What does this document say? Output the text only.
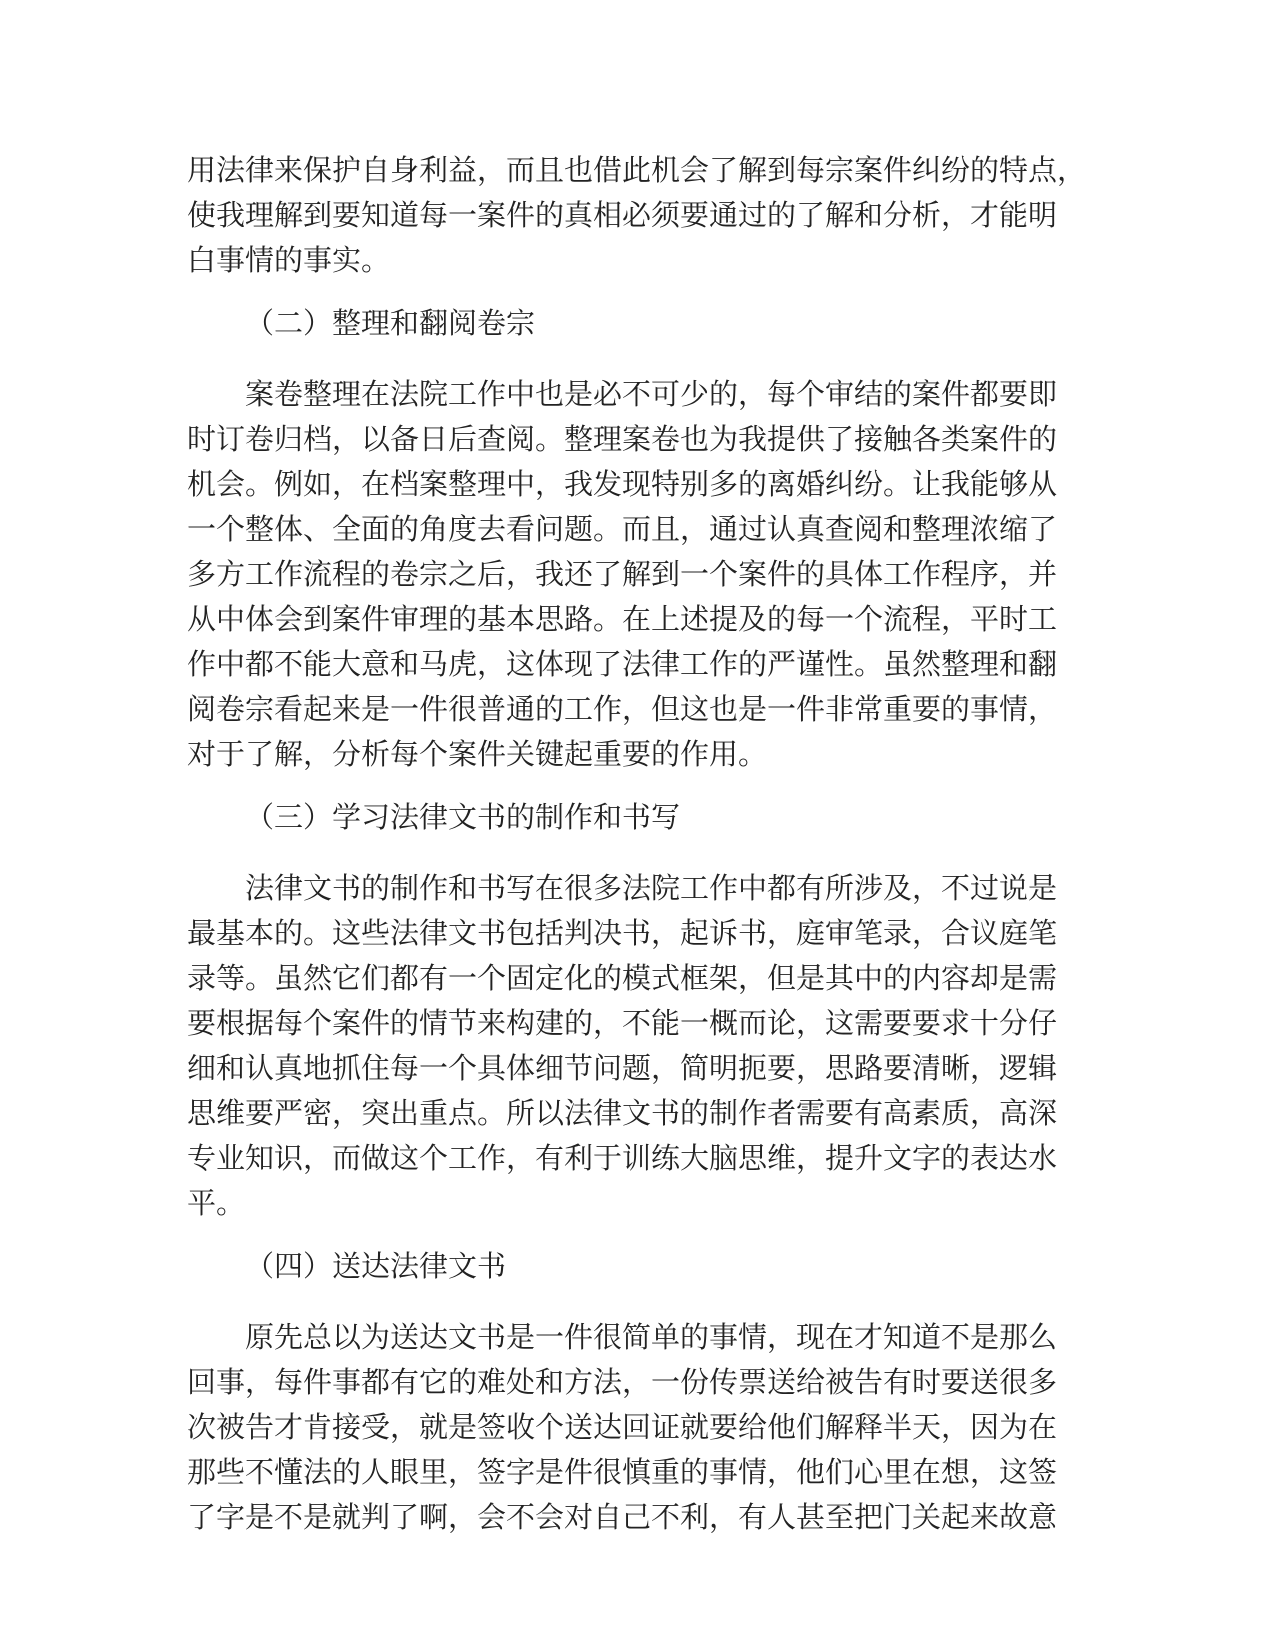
用法律来保护自身利益，而且也借此机会了解到每宗案件纠纷的特点，
使我理解到要知道每一案件的真相必须要通过的了解和分析，才能明
白事情的事实。
（二）整理和翻阅卷宗
案卷整理在法院工作中也是必不可少的，每个审结的案件都要即
时订卷归档，以备日后查阅。整理案卷也为我提供了接触各类案件的
机会。例如，在档案整理中，我发现特别多的离婚纠纷。让我能够从
一个整体、全面的角度去看问题。而且，通过认真查阅和整理浓缩了
多方工作流程的卷宗之后，我还了解到一个案件的具体工作程序，并
从中体会到案件审理的基本思路。在上述提及的每一个流程，平时工
作中都不能大意和马虎，这体现了法律工作的严谨性。虽然整理和翻
阅卷宗看起来是一件很普通的工作，但这也是一件非常重要的事情，
对于了解，分析每个案件关键起重要的作用。
（三）学习法律文书的制作和书写
法律文书的制作和书写在很多法院工作中都有所涉及，不过说是
最基本的。这些法律文书包括判决书，起诉书，庭审笔录，合议庭笔
录等。虽然它们都有一个固定化的模式框架，但是其中的内容却是需
要根据每个案件的情节来构建的，不能一概而论，这需要要求十分仔
细和认真地抓住每一个具体细节问题，简明扼要，思路要清晰，逻辑
思维要严密，突出重点。所以法律文书的制作者需要有高素质，高深
专业知识，而做这个工作，有利于训练大脑思维，提升文字的表达水
平。
（四）送达法律文书
原先总以为送达文书是一件很简单的事情，现在才知道不是那么
回事，每件事都有它的难处和方法，一份传票送给被告有时要送很多
次被告才肯接受，就是签收个送达回证就要给他们解释半天，因为在
那些不懂法的人眼里，签字是件很慎重的事情，他们心里在想，这签
了字是不是就判了啊，会不会对自己不利，有人甚至把门关起来故意
